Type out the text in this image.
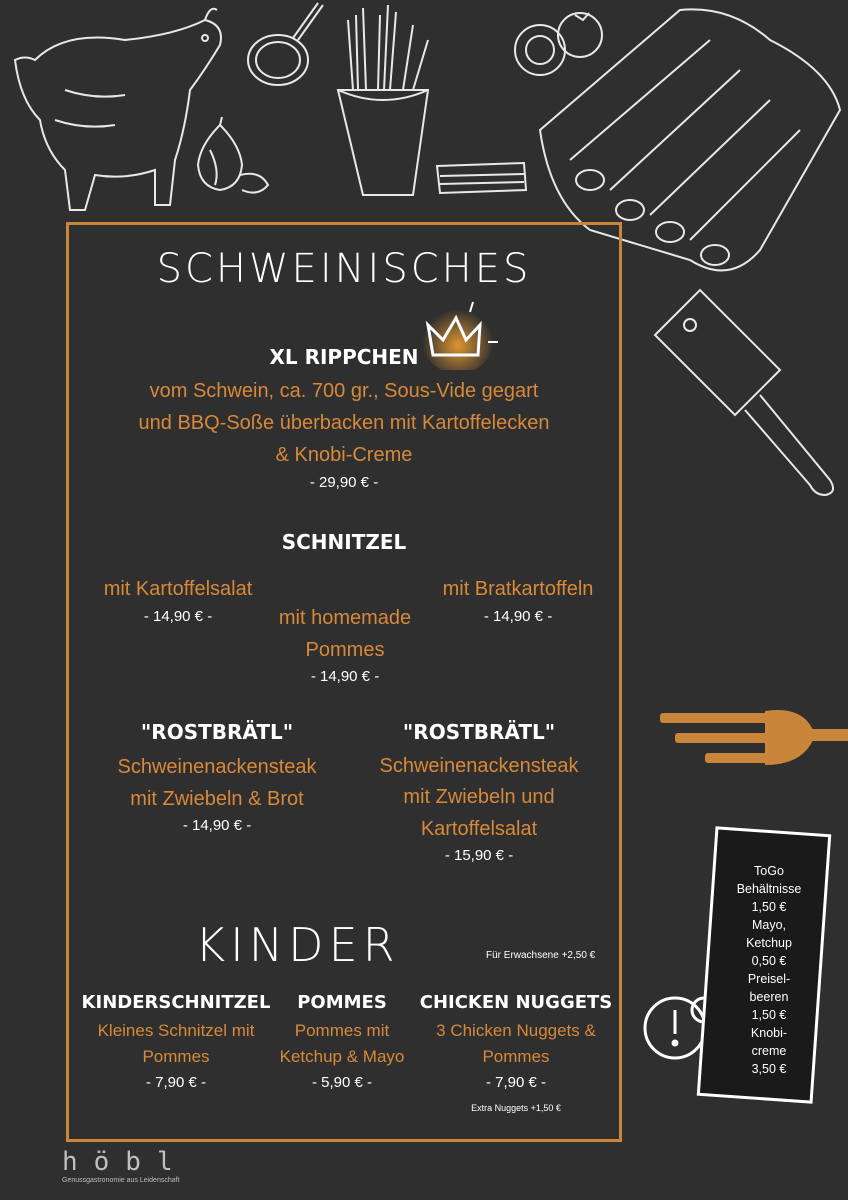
SCHWEINISCHES
XL RIPPCHEN
vom Schwein, ca. 700 gr., Sous-Vide gegart
und BBQ-Soße überbacken mit Kartoffelecken
& Knobi-Creme
- 29,90 € -
SCHNITZEL
mit Kartoffelsalat
- 14,90 € -	mit homemade
Pommes
- 14,90 € -
mit Bratkartoffeln
- 14,90 € -
"ROSTBRÄTL"
Schweinenackensteak
mit Zwiebeln & Brot
- 14,90 € -
"ROSTBRÄTL"
Schweinenackensteak
mit Zwiebeln und
Kartoffelsalat
- 15,90 € -
KINDER	Für Erwachsene +2,50 €
KINDERSCHNITZEL
Kleines Schnitzel mit
Pommes
- 7,90 € -
POMMES
Pommes mit
Ketchup & Mayo
- 5,90 € -
CHICKEN NUGGETS
3 Chicken Nuggets &
Pommes
- 7,90 € -
Extra Nuggets +1,50 €
ToGo
Behältnisse
1,50 €
Mayo,
Ketchup
0,50 €
Preisel-
beeren
1,50 €
Knobi-
creme
3,50 €
höbl
Genussgastronomie aus Leidenschaft
